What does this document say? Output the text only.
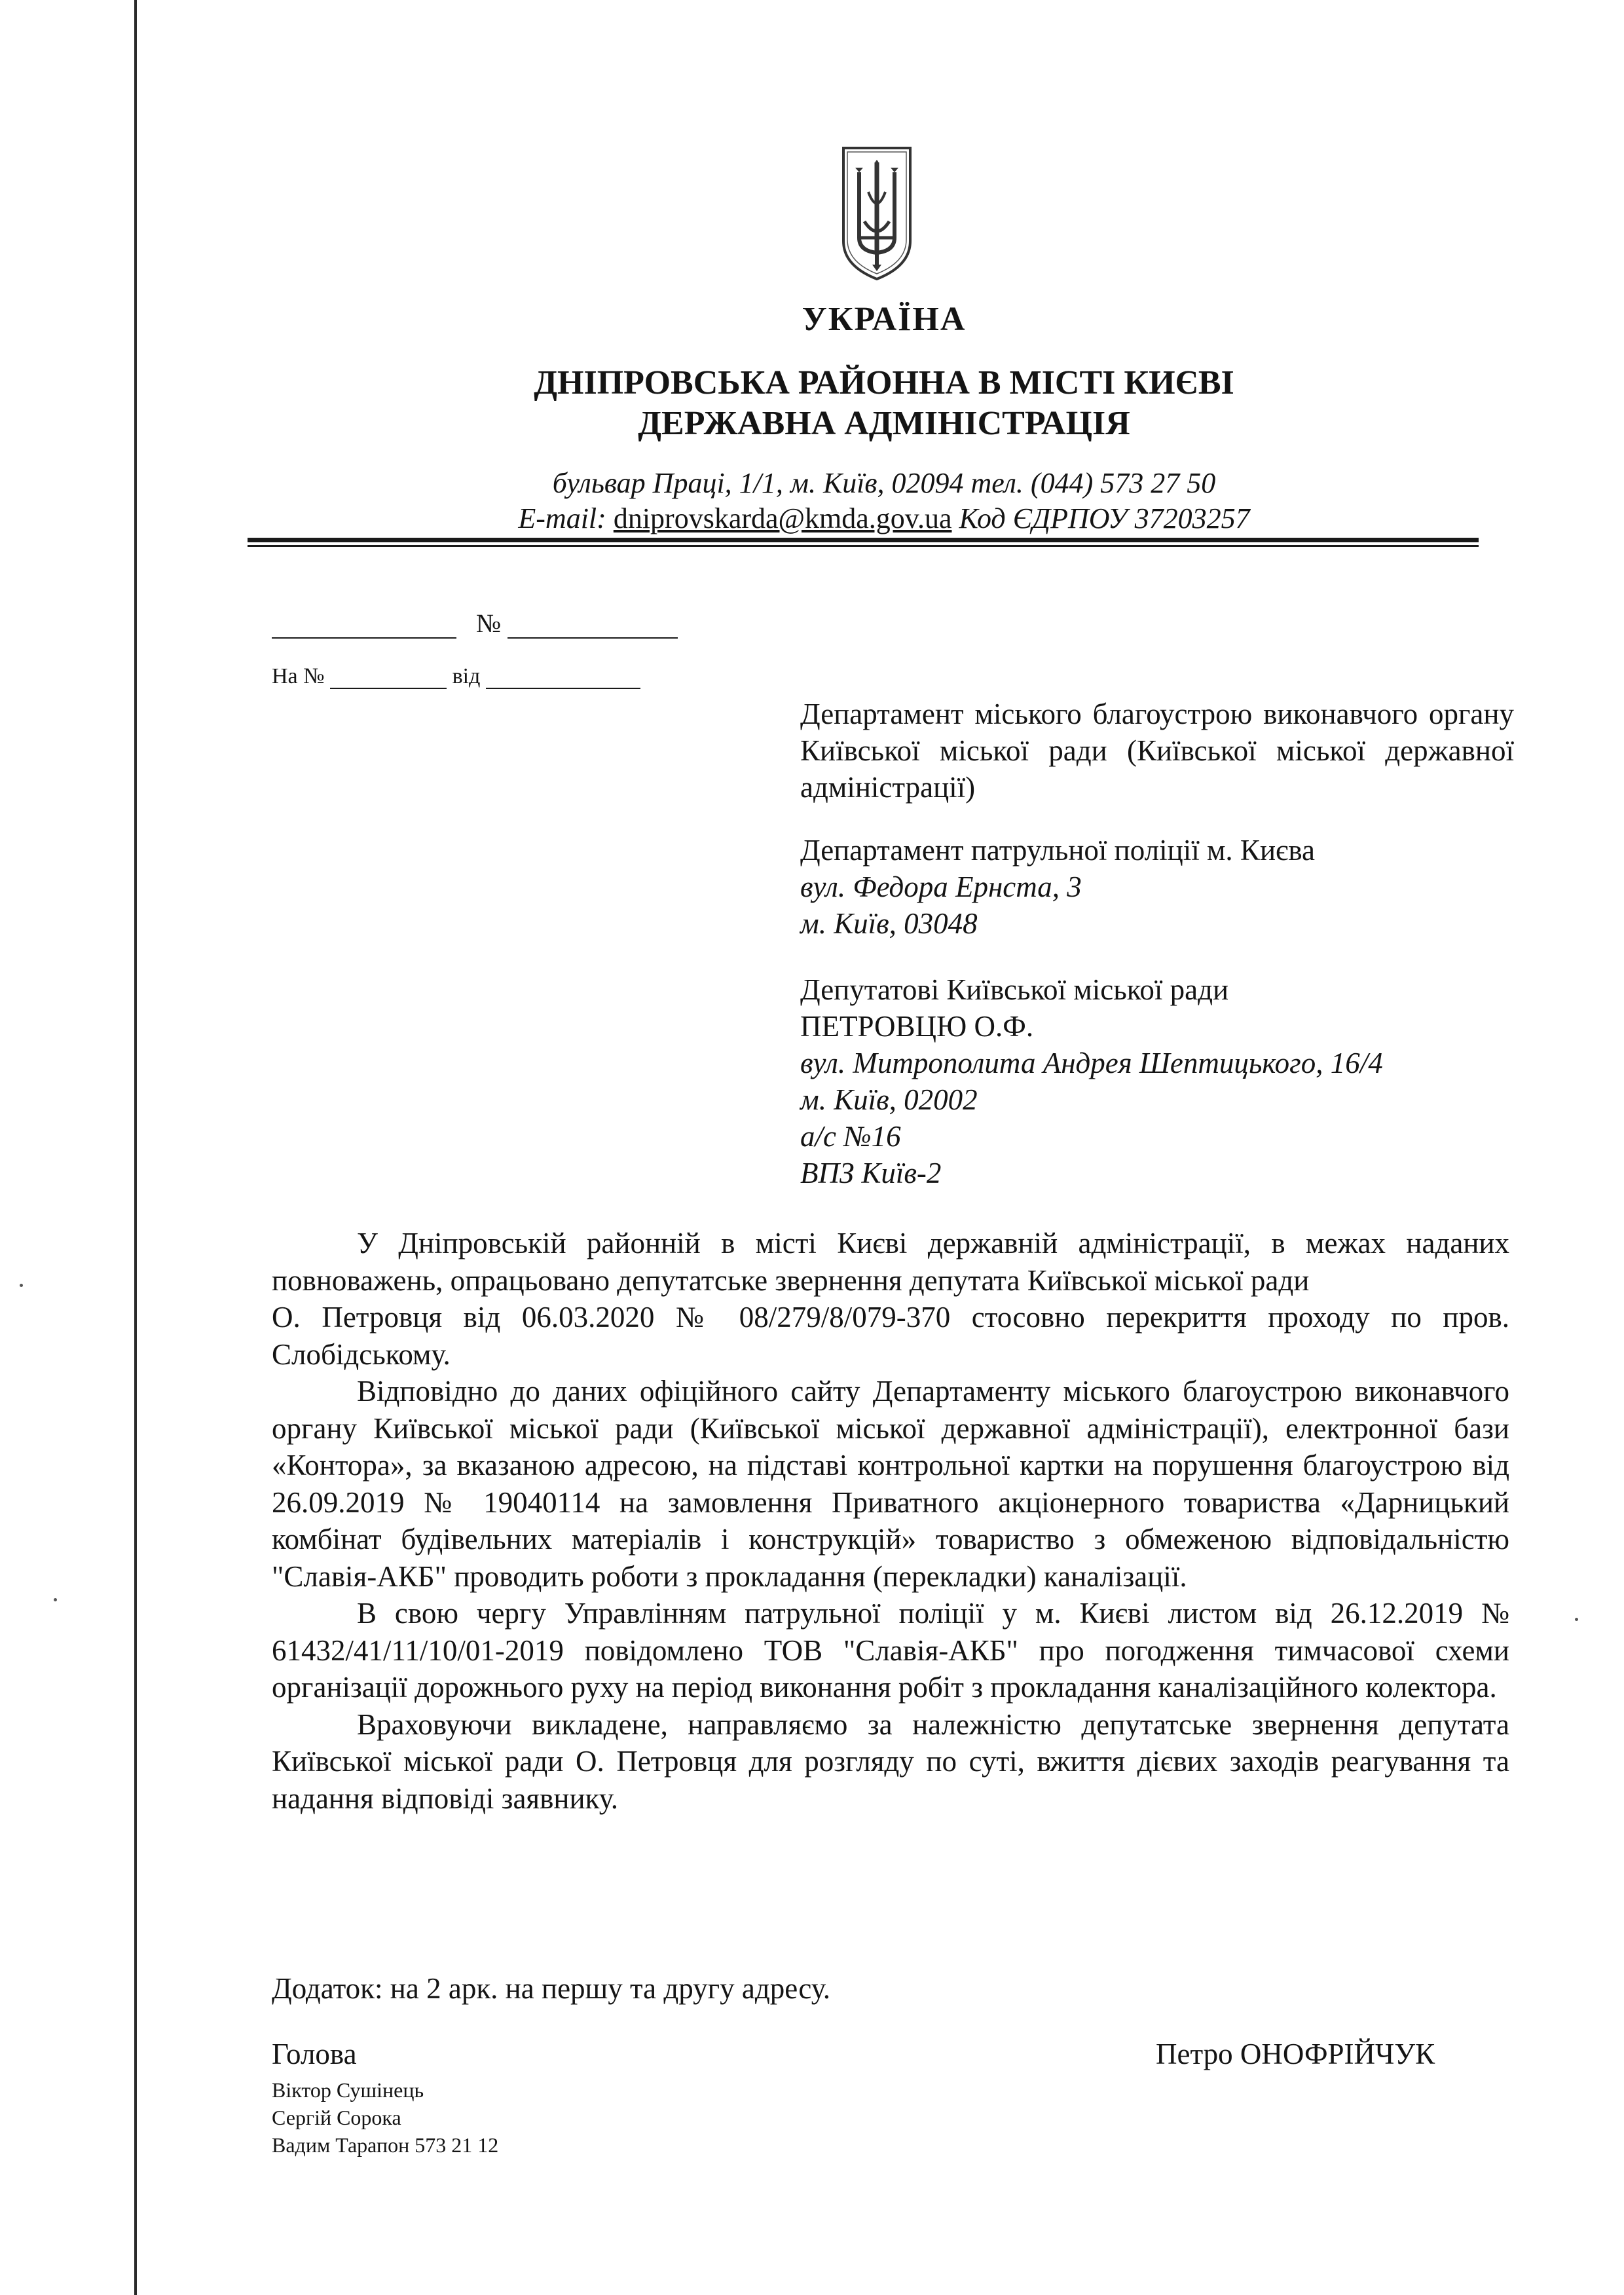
УКРАЇНА
ДНІПРОВСЬКА РАЙОННА В МІСТІ КИЄВІ
ДЕРЖАВНА АДМІНІСТРАЦІЯ
бульвар Праці, 1/1, м. Київ, 02094 тел. (044) 573 27 50
E-mail: dniprovskarda@kmda.gov.ua Код ЄДРПОУ 37203257
№
На №	від

Департамент міського благоустрою виконавчого органу Київської міської ради (Київської міської державної адміністрації)

Департамент патрульної поліції м. Києва

вул. Федора Ернста, 3

м. Київ, 03048

Депутатові Київської міської ради

ПЕТРОВЦЮ О.Ф.

вул. Митрополита Андрея Шептицького, 16/4

м. Київ, 02002

а/с №16

ВПЗ Київ-2

У Дніпровській районній в місті Києві державній адміністрації, в межах наданих повноважень, опрацьовано депутатське звернення депутата Київської міської ради

О. Петровця від 06.03.2020 № 08/279/8/079-370 стосовно перекриття проходу по пров. Слобідському.

Відповідно до даних офіційного сайту Департаменту міського благоустрою виконавчого органу Київської міської ради (Київської міської державної адміністрації), електронної бази «Контора», за вказаною адресою, на підставі контрольної картки на порушення благоустрою від 26.09.2019 № 19040114 на замовлення Приватного акціонерного товариства «Дарницький комбінат будівельних матеріалів і конструкцій» товариство з обмеженою відповідальністю "Славія-АКБ" проводить роботи з прокладання (перекладки) каналізації.

В свою чергу Управлінням патрульної поліції у м. Києві листом від 26.12.2019 № 61432/41/11/10/01-2019 повідомлено ТОВ "Славія-АКБ" про погодження тимчасової схеми організації дорожнього руху на період виконання робіт з прокладання каналізаційного колектора.

Враховуючи викладене, направляємо за належністю депутатське звернення депутата Київської міської ради О. Петровця для розгляду по суті, вжиття дієвих заходів реагування та надання відповіді заявнику.

Додаток: на 2 арк. на першу та другу адресу.
Голова	Петро ОНОФРІЙЧУК
Віктор Сушінець
Сергій Сорока
Вадим Тарапон 573 21 12
